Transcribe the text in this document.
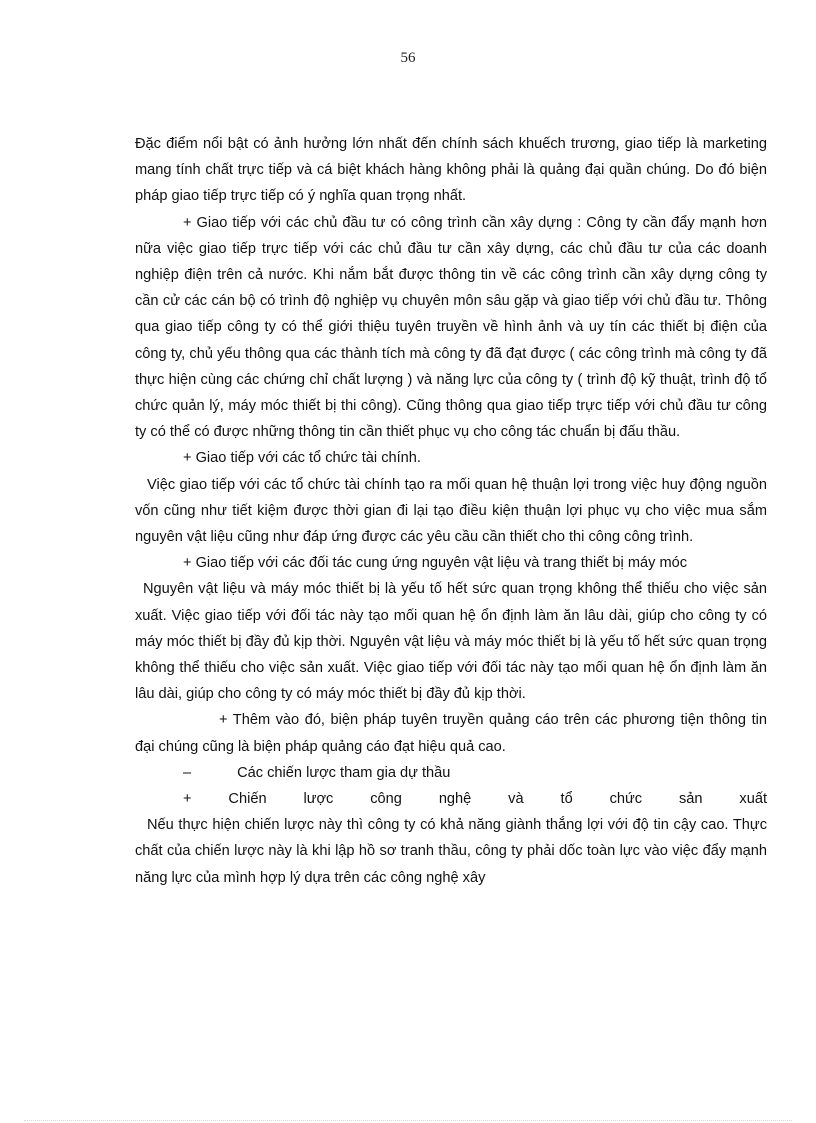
56

Đặc điểm nổi bật có ảnh hưởng lớn nhất đến chính sách khuếch trương, giao tiếp là marketing mang tính chất trực tiếp và cá biệt khách hàng không phải là quảng đại quần chúng. Do đó biện pháp giao tiếp trực tiếp có ý nghĩa quan trọng nhất.

+ Giao tiếp với các chủ đầu tư có công trình cần xây dựng : Công ty cần đẩy mạnh hơn nữa việc giao tiếp trực tiếp với các chủ đầu tư cần xây dựng, các chủ đầu tư của các doanh nghiệp điện trên cả nước. Khi nắm bắt được thông tin về các công trình cần xây dựng công ty cần cử các cán bộ có trình độ nghiệp vụ chuyên môn sâu gặp và giao tiếp với chủ đầu tư. Thông qua giao tiếp công ty có thể giới thiệu tuyên truyền về hình ảnh và uy tín các thiết bị điện của công ty, chủ yếu thông qua các thành tích mà công ty đã đạt được ( các công trình mà công ty đã thực hiện cùng các chứng chỉ chất lượng ) và năng lực của công ty ( trình độ kỹ thuật, trình độ tổ chức quản lý, máy móc thiết bị thi công). Cũng thông qua giao tiếp trực tiếp với chủ đầu tư công ty có thể có được những thông tin cần thiết phục vụ cho công tác chuẩn bị đấu thầu.

+ Giao tiếp với các tổ chức tài chính.

Việc giao tiếp với các tổ chức tài chính tạo ra mối quan hệ thuận lợi trong việc huy động nguồn vốn cũng như tiết kiệm được thời gian đi lại tạo điều kiện thuận lợi phục vụ cho việc mua sắm nguyên vật liệu cũng như đáp ứng được các yêu cầu cần thiết cho thi công công trình.

+ Giao tiếp với các đối tác cung ứng nguyên vật liệu và trang thiết bị máy móc

Nguyên vật liệu và máy móc thiết bị là yếu tố hết sức quan trọng không thể thiếu cho việc sản xuất. Việc giao tiếp với đối tác này tạo mối quan hệ ổn định làm ăn lâu dài, giúp cho công ty có máy móc thiết bị đầy đủ kịp thời. Nguyên vật liệu và máy móc thiết bị là yếu tố hết sức quan trọng không thể thiếu cho việc sản xuất. Việc giao tiếp với đối tác này tạo mối quan hệ ổn định làm ăn lâu dài, giúp cho công ty có máy móc thiết bị đầy đủ kịp thời.

+ Thêm vào đó, biện pháp tuyên truyền quảng cáo trên các phương tiện thông tin đại chúng cũng là biện pháp quảng cáo đạt hiệu quả cao.

–	Các chiến lược tham gia dự thầu

+ Chiến lược công nghệ và tổ chức sản xuất

Nếu thực hiện chiến lược này thì công ty có khả năng giành thắng lợi với độ tin cậy cao. Thực chất của chiến lược này là khi lập hồ sơ tranh thầu, công ty phải dốc toàn lực vào việc đẩy mạnh năng lực của mình hợp lý dựa trên các công nghệ xây
